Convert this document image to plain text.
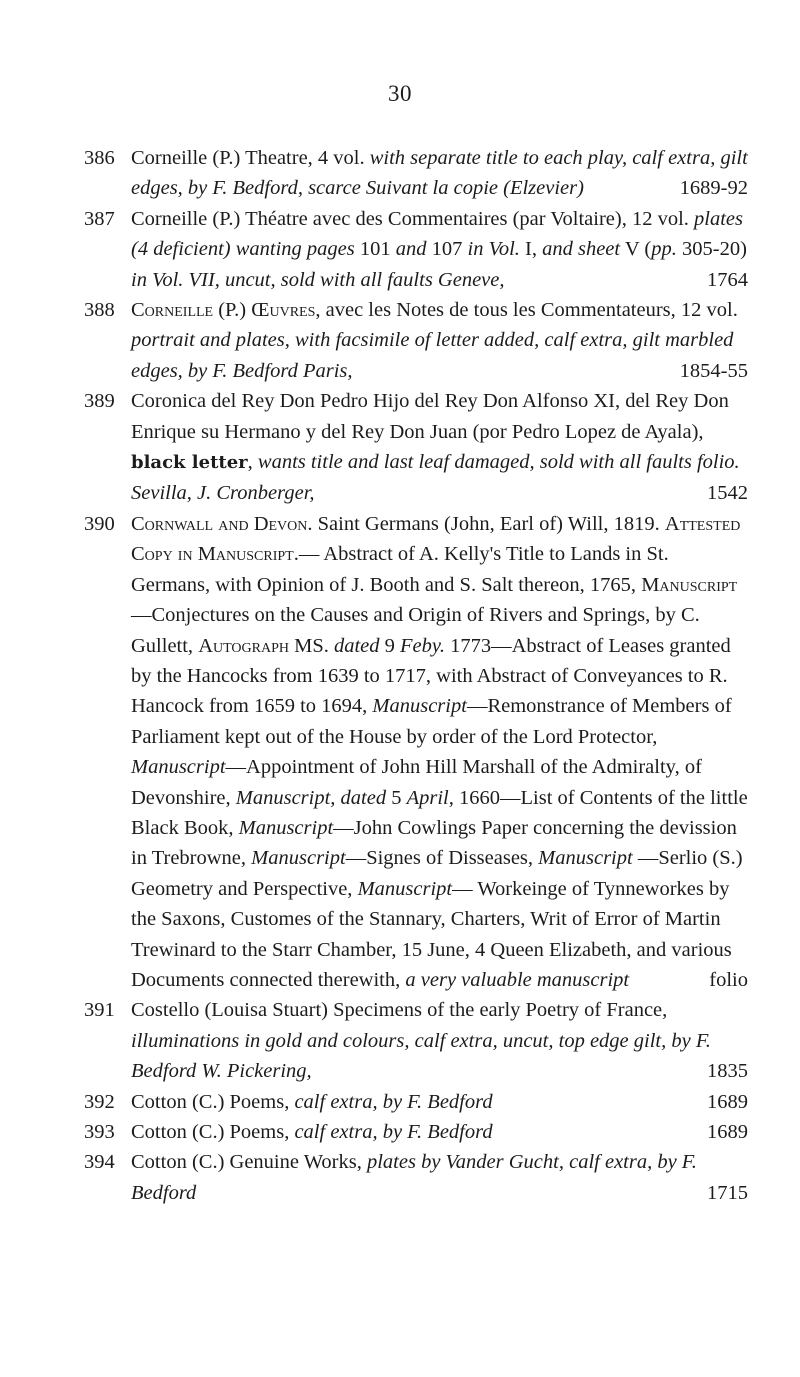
30
386 Corneille (P.) Theatre, 4 vol. with separate title to each play, calf extra, gilt edges, by F. Bedford, scarce Suivant la copie (Elzevier)	1689-92
387 Corneille (P.) Théatre avec des Commentaires (par Voltaire), 12 vol. plates (4 deficient) wanting pages 101 and 107 in Vol. I, and sheet V (pp. 305-20) in Vol. VII, uncut, sold with all faults Geneve,	1764
388 Corneille (P.) Œuvres, avec les Notes de tous les Commentateurs, 12 vol. portrait and plates, with facsimile of letter added, calf extra, gilt marbled edges, by F. Bedford Paris,	1854-55
389 Coronica del Rey Don Pedro Hijo del Rey Don Alfonso XI, del Rey Don Enrique su Hermano y del Rey Don Juan (por Pedro Lopez de Ayala), black letter, wants title and last leaf damaged, sold with all faults folio. Sevilla, J. Cronberger,	1542
390 Cornwall and Devon. Saint Germans (John, Earl of) Will, 1819. Attested Copy in Manuscript.— Abstract of A. Kelly's Title to Lands in St. Germans, with Opinion of J. Booth and S. Salt thereon, 1765, Manuscript—Conjectures on the Causes and Origin of Rivers and Springs, by C. Gullett, Autograph MS. dated 9 Feby. 1773—Abstract of Leases granted by the Hancocks from 1639 to 1717, with Abstract of Conveyances to R. Hancock from 1659 to 1694, Manuscript—Remonstrance of Members of Parliament kept out of the House by order of the Lord Protector, Manuscript—Appointment of John Hill Marshall of the Admiralty, of Devonshire, Manuscript, dated 5 April, 1660—List of Contents of the little Black Book, Manuscript—John Cowlings Paper concerning the devission in Trebrowne, Manuscript—Signes of Disseases, Manuscript —Serlio (S.) Geometry and Perspective, Manuscript— Workeinge of Tynneworkes by the Saxons, Customes of the Stannary, Charters, Writ of Error of Martin Trewinard to the Starr Chamber, 15 June, 4 Queen Elizabeth, and various Documents connected therewith, a very valuable manuscript	folio
391 Costello (Louisa Stuart) Specimens of the early Poetry of France, illuminations in gold and colours, calf extra, uncut, top edge gilt, by F. Bedford W. Pickering,	1835
392 Cotton (C.) Poems, calf extra, by F. Bedford	1689
393 Cotton (C.) Poems, calf extra, by F. Bedford	1689
394 Cotton (C.) Genuine Works, plates by Vander Gucht, calf extra, by F. Bedford	1715
